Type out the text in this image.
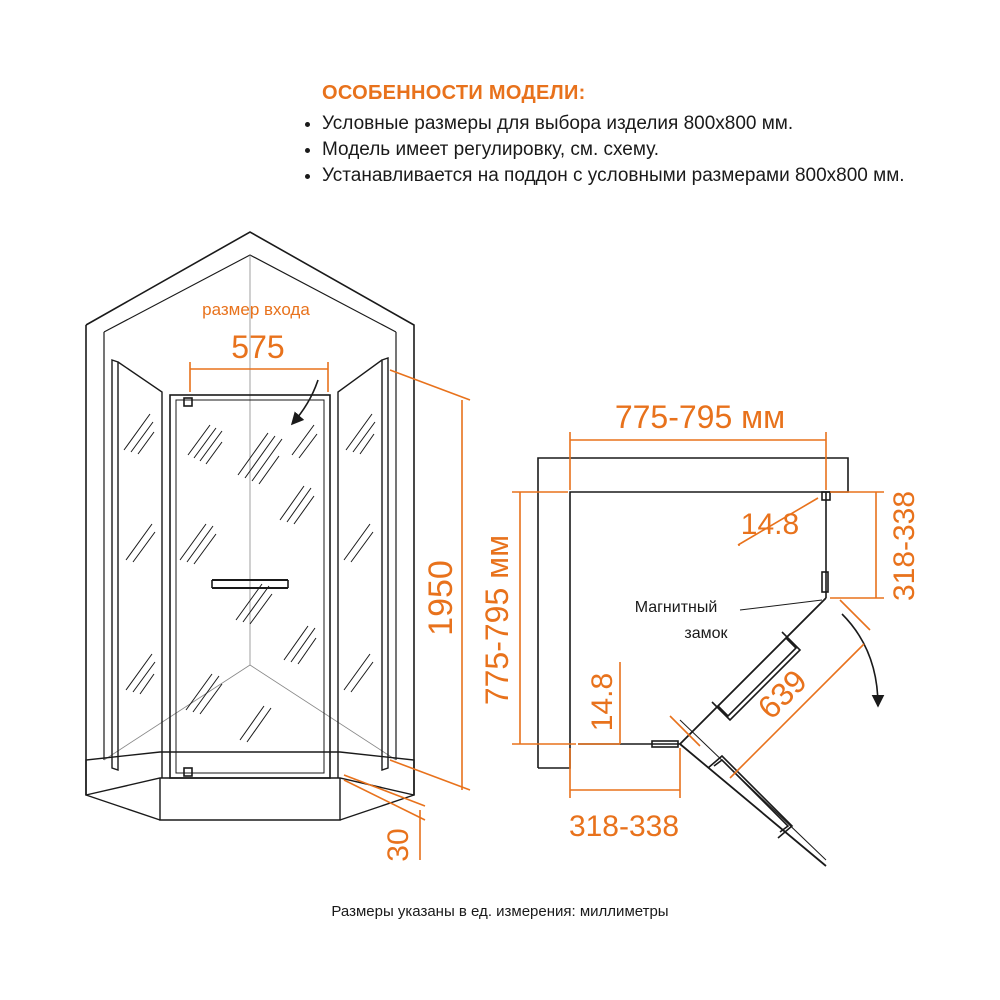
ОСОБЕННОСТИ МОДЕЛИ:
• Условные размеры для выбора изделия 800х800 мм.
• Модель имеет регулировку, см. схему.
• Устанавливается на поддон с условными размерами 800х800 мм.
размер входа
575
1950
30
775-795 мм
775-795 мм
14.8
14.8
318-338
318-338
639
Магнитный
замок
Размеры указаны в ед. измерения: миллиметры
